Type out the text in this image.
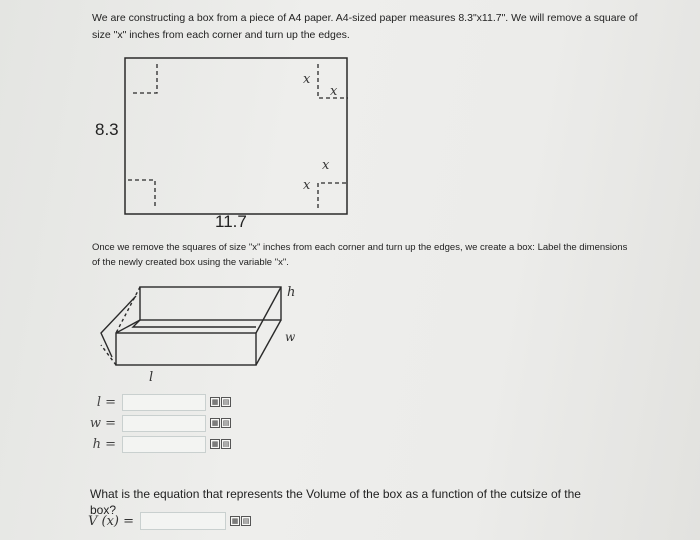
We are constructing a box from a piece of A4 paper. A4-sized paper measures 8.3"x11.7". We will remove a square of size "x" inches from each corner and turn up the edges.
8.3
11.7
x
x
x
x
Once we remove the squares of size "x" inches from each corner and turn up the edges, we create a box: Label the dimensions of the newly created box using the variable "x".
h
w
l
l =	▦ ▤
w =	▦ ▤
h =	▦ ▤
What is the equation that represents the Volume of the box as a function of the cutsize of the box?
V (x) =	▦ ▤
